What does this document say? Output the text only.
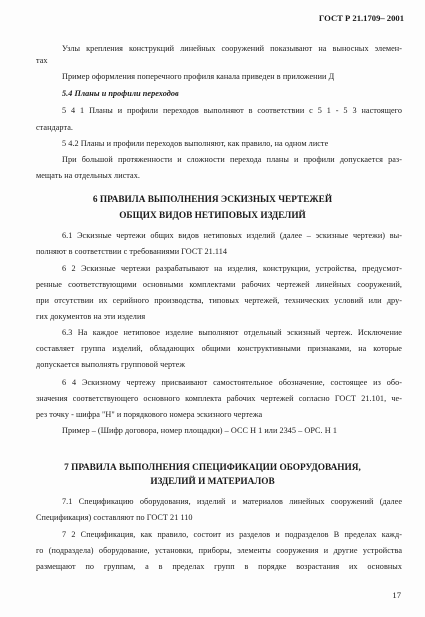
ГОСТ Р 21.1709– 2001
Узлы крепления конструкций линейных сооружений показывают на выносных элемен-
тах
Пример оформления поперечного профиля канала приведен в приложении Д
5.4 Планы и профили переходов
5 4 1 Планы и профили переходов выполняют в соответствии с 5 1 - 5 3 настоящего
стандарта.
5 4.2 Планы и профили переходов выполняют, как правило, на одном листе
При большой протяженности и сложности перехода планы и профили допускается раз-
мещать на отдельных листах.
6 ПРАВИЛА ВЫПОЛНЕНИЯ ЭСКИЗНЫХ ЧЕРТЕЖЕЙ
ОБЩИХ ВИДОВ НЕТИПОВЫХ ИЗДЕЛИЙ
6.1 Эскизные чертежи общих видов нетиповых изделий (далее – эскизные чертежи) вы-
полняют в соответствии с требованиями ГОСТ 21.114
6 2 Эскизные чертежи разрабатывают на изделия, конструкции, устройства, предусмот-
ренные соответствующими основными комплектами рабочих чертежей линейных сооружений,
при отсутствии их серийного производства, типовых чертежей, технических условий или дру-
гих документов на эти изделия
6.3 На каждое нетиповое изделие выполняют отдельный эскизный чертеж. Исключение
составляет группа изделий, обладающих общими конструктивными признаками, на которые
допускается выполнять групповой чертеж
6 4 Эскизному чертежу присваивают самостоятельное обозначение, состоящее из обо-
значения соответствующего основного комплекта рабочих чертежей согласно ГОСТ 21.101, че-
рез точку - шифра "Н" и порядкового номера эскизного чертежа
Пример – (Шифр договора, номер площадки) – ОСС Н 1 или 2345 – ОРС. Н 1
7 ПРАВИЛА ВЫПОЛНЕНИЯ СПЕЦИФИКАЦИИ ОБОРУДОВАНИЯ,
ИЗДЕЛИЙ И МАТЕРИАЛОВ
7.1 Спецификацию оборудования, изделий и материалов линейных сооружений (далее
Спецификация) составляют по ГОСТ 21 110
7 2 Спецификация, как правило, состоит из разделов и подразделов В пределах кажд-
го (подраздела) оборудование, установки, приборы, элементы сооружения и другие устройства
размещают по группам, а в пределах групп в порядке возрастания их основных
17
